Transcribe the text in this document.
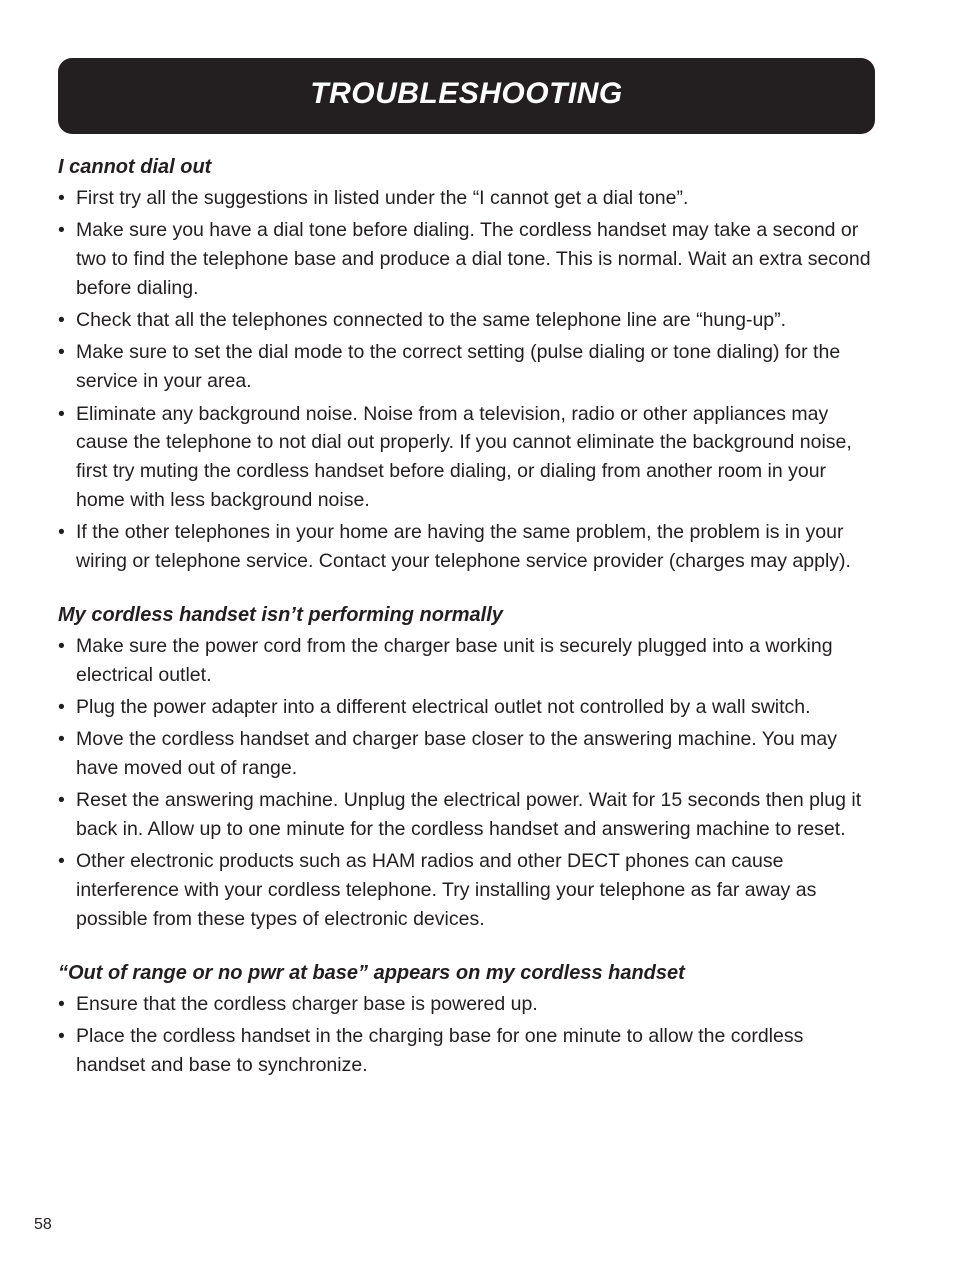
TROUBLESHOOTING
I cannot dial out
• First try all the suggestions in listed under the “I cannot get a dial tone”.
• Make sure you have a dial tone before dialing. The cordless handset may take a second or two to find the telephone base and produce a dial tone. This is normal. Wait an extra second before dialing.
• Check that all the telephones connected to the same telephone line are “hung-up”.
• Make sure to set the dial mode to the correct setting (pulse dialing or tone dialing) for the service in your area.
• Eliminate any background noise. Noise from a television, radio or other appliances may cause the telephone to not dial out properly. If you cannot eliminate the background noise, first try muting the cordless handset before dialing, or dialing from another room in your home with less background noise.
• If the other telephones in your home are having the same problem, the problem is in your wiring or telephone service. Contact your telephone service provider (charges may apply).
My cordless handset isn’t performing normally
• Make sure the power cord from the charger base unit is securely plugged into a working electrical outlet.
• Plug the power adapter into a different electrical outlet not controlled by a wall switch.
• Move the cordless handset and charger base closer to the answering machine. You may have moved out of range.
• Reset the answering machine. Unplug the electrical power. Wait for 15 seconds then plug it back in. Allow up to one minute for the cordless handset and answering machine to reset.
• Other electronic products such as HAM radios and other DECT phones can cause interference with your cordless telephone. Try installing your telephone as far away as possible from these types of electronic devices.
“Out of range or no pwr at base” appears on my cordless handset
• Ensure that the cordless charger base is powered up.
• Place the cordless handset in the charging base for one minute to allow the cordless handset and base to synchronize.
58
